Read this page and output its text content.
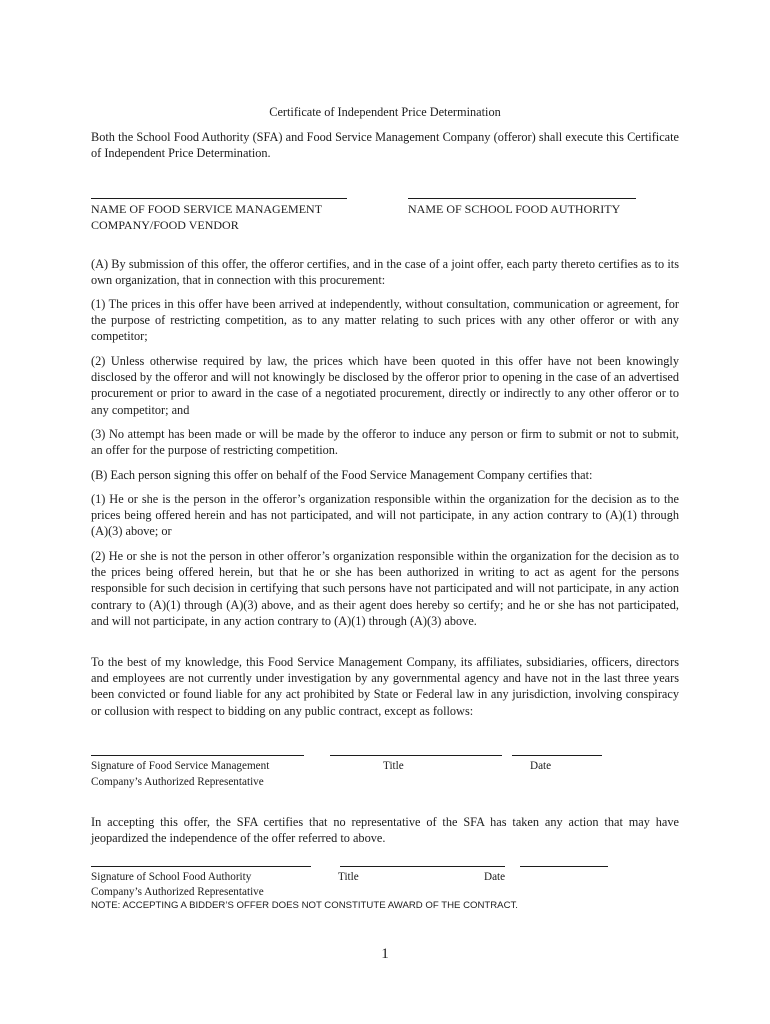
Certificate of Independent Price Determination

Both the School Food Authority (SFA) and Food Service Management Company (offeror) shall execute this Certificate of Independent Price Determination.

NAME OF FOOD SERVICE MANAGEMENT
COMPANY/FOOD VENDOR
NAME OF SCHOOL FOOD AUTHORITY

(A) By submission of this offer, the offeror certifies, and in the case of a joint offer, each party thereto certifies as to its own organization, that in connection with this procurement:

(1) The prices in this offer have been arrived at independently, without consultation, communication or agreement, for the purpose of restricting competition, as to any matter relating to such prices with any other offeror or with any competitor;

(2) Unless otherwise required by law, the prices which have been quoted in this offer have not been knowingly disclosed by the offeror and will not knowingly be disclosed by the offeror prior to opening in the case of an advertised procurement or prior to award in the case of a negotiated procurement, directly or indirectly to any other offeror or to any competitor; and

(3) No attempt has been made or will be made by the offeror to induce any person or firm to submit or not to submit, an offer for the purpose of restricting competition.

(B) Each person signing this offer on behalf of the Food Service Management Company certifies that:

(1) He or she is the person in the offeror’s organization responsible within the organization for the decision as to the prices being offered herein and has not participated, and will not participate, in any action contrary to (A)(1) through (A)(3) above; or

(2) He or she is not the person in other offeror’s organization responsible within the organization for the decision as to the prices being offered herein, but that he or she has been authorized in writing to act as agent for the persons responsible for such decision in certifying that such persons have not participated and will not participate, in any action contrary to (A)(1) through (A)(3) above, and as their agent does hereby so certify; and he or she has not participated, and will not participate, in any action contrary to (A)(1) through (A)(3) above.

To the best of my knowledge, this Food Service Management Company, its affiliates, subsidiaries, officers, directors and employees are not currently under investigation by any governmental agency and have not in the last three years been convicted or found liable for any act prohibited by State or Federal law in any jurisdiction, involving conspiracy or collusion with respect to bidding on any public contract, except as follows:

Signature of Food Service Management
Company’s Authorized Representative
Title	Date

In accepting this offer, the SFA certifies that no representative of the SFA has taken any action that may have jeopardized the independence of the offer referred to above.

Signature of School Food Authority
Company’s Authorized Representative
Title	Date
NOTE: ACCEPTING A BIDDER’S OFFER DOES NOT CONSTITUTE AWARD OF THE CONTRACT.
1
